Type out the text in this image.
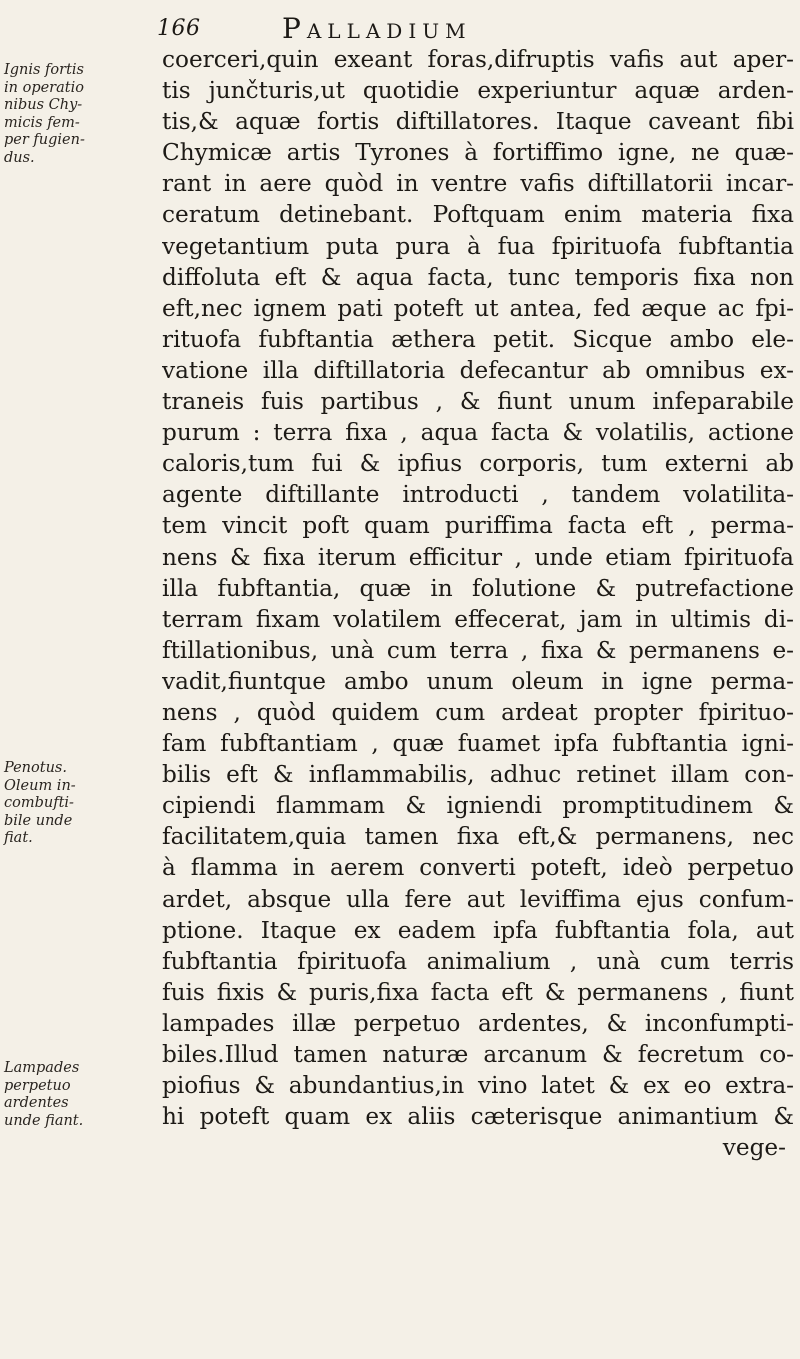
166	Palladium
Ignis fortis
in operatio
nibus Chy-
micis fem-
per fugien-
dus.
Penotus.
Oleum in-
combufti-
bile unde
fiat.
Lampades
perpetuo
ardentes
unde fiant.
coerceri,quin exeant foras,difruptis vafis aut aper-
tis junčturis,ut quotidie experiuntur aquæ arden-
tis,& aquæ fortis diftillatores. Itaque caveant fibi
Chymicæ artis Tyrones à fortiffimo igne, ne quæ-
rant in aere quòd in ventre vafis diftillatorii incar-
ceratum detinebant. Poftquam enim materia fixa
vegetantium puta pura à fua fpirituofa fubftantia
diffoluta eft & aqua facta, tunc temporis fixa non
eft,nec ignem pati poteft ut antea, fed æque ac fpi-
rituofa fubftantia æthera petit. Sicque ambo ele-
vatione illa diftillatoria defecantur ab omnibus ex-
traneis fuis partibus , & fiunt unum infeparabile
purum : terra fixa , aqua facta & volatilis, actione
caloris,tum fui & ipfius corporis, tum externi ab
agente diftillante introducti , tandem volatilita-
tem vincit poft quam puriffima facta eft , perma-
nens & fixa iterum efficitur , unde etiam fpirituofa
illa fubftantia, quæ in folutione & putrefactione
terram fixam volatilem effecerat, jam in ultimis di-
ftillationibus, unà cum terra , fixa & permanens e-
vadit,fiuntque ambo unum oleum in igne perma-
nens , quòd quidem cum ardeat propter fpirituo-
fam fubftantiam , quæ fuamet ipfa fubftantia igni-
bilis eft & inflammabilis, adhuc retinet illam con-
cipiendi flammam & igniendi promptitudinem &
facilitatem,quia tamen fixa eft,& permanens, nec
à flamma in aerem converti poteft, ideò perpetuo
ardet, absque ulla fere aut leviffima ejus confum-
ptione. Itaque ex eadem ipfa fubftantia fola, aut
fubftantia fpirituofa animalium , unà cum terris
fuis fixis & puris,fixa facta eft & permanens , fiunt
lampades illæ perpetuo ardentes, & inconfumpti-
biles.Illud tamen naturæ arcanum & fecretum co-
piofius & abundantius,in vino latet & ex eo extra-
hi poteft quam ex aliis cæterisque animantium &
vege-
